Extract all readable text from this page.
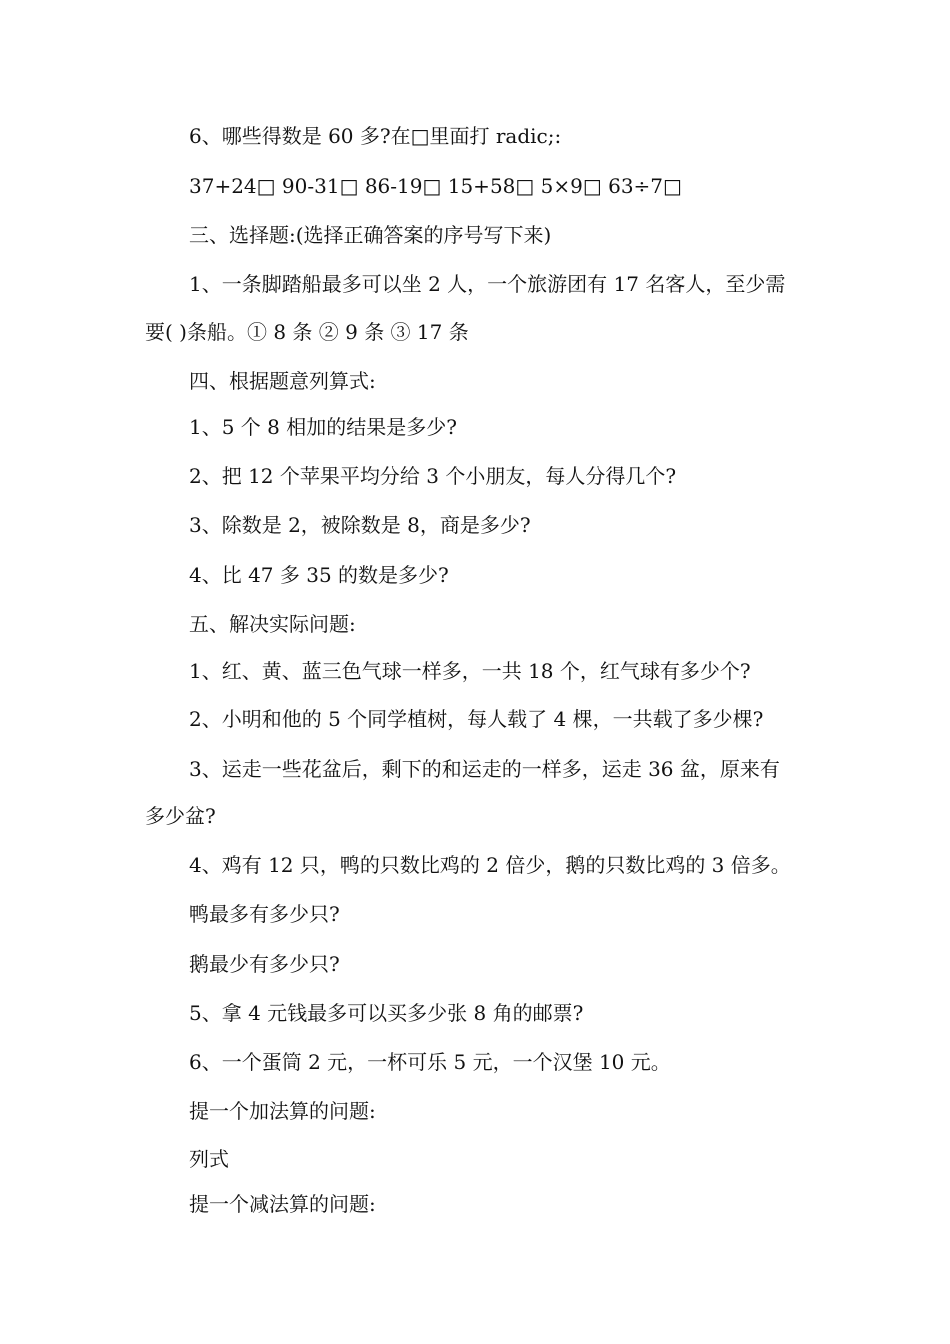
6、哪些得数是 60 多?在□里面打 radic;:
37+24□ 90-31□ 86-19□ 15+58□ 5×9□ 63÷7□
三、选择题:(选择正确答案的序号写下来)
1、一条脚踏船最多可以坐 2 人，一个旅游团有 17 名客人，至少需
要( )条船。① 8 条 ② 9 条 ③ 17 条
四、根据题意列算式:
1、5 个 8 相加的结果是多少?
2、把 12 个苹果平均分给 3 个小朋友，每人分得几个?
3、除数是 2，被除数是 8，商是多少?
4、比 47 多 35 的数是多少?
五、解决实际问题:
1、红、黄、蓝三色气球一样多，一共 18 个，红气球有多少个?
2、小明和他的 5 个同学植树，每人载了 4 棵，一共载了多少棵?
3、运走一些花盆后，剩下的和运走的一样多，运走 36 盆，原来有
多少盆?
4、鸡有 12 只，鸭的只数比鸡的 2 倍少，鹅的只数比鸡的 3 倍多。
鸭最多有多少只?
鹅最少有多少只?
5、拿 4 元钱最多可以买多少张 8 角的邮票?
6、一个蛋筒 2 元，一杯可乐 5 元，一个汉堡 10 元。
提一个加法算的问题:
列式
提一个减法算的问题:
